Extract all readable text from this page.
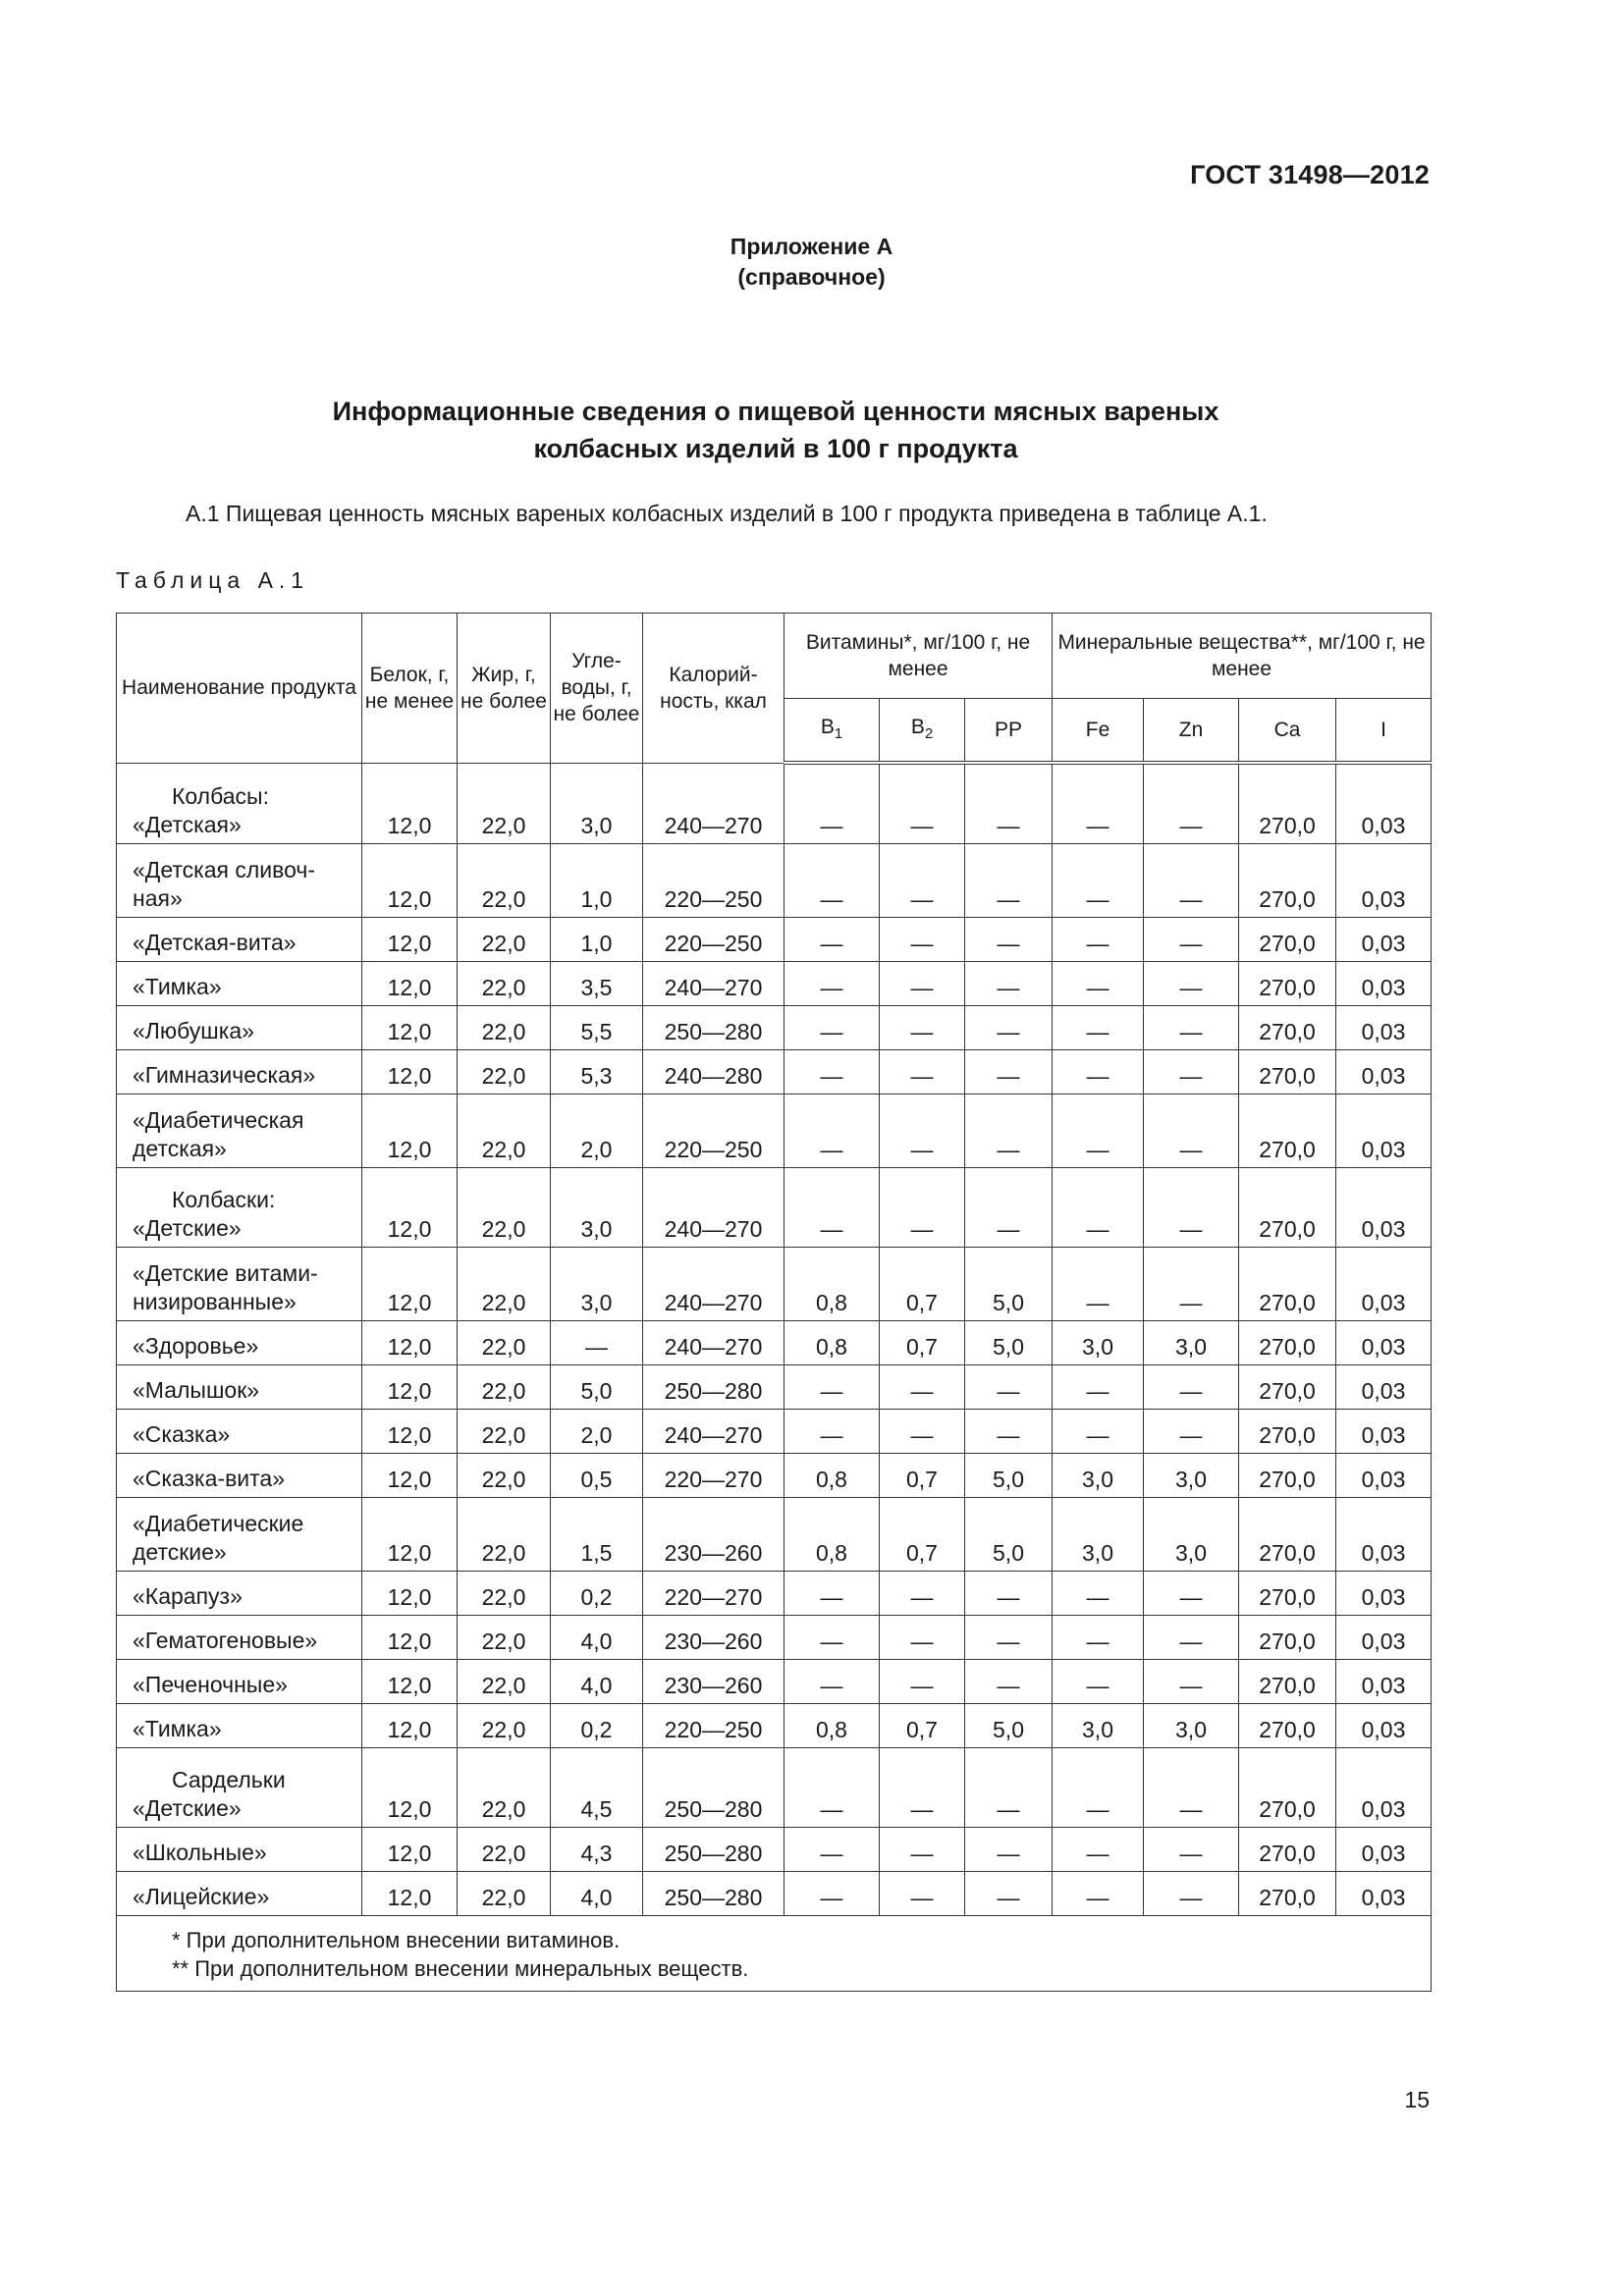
ГОСТ 31498—2012
Приложение А
(справочное)
Информационные сведения о пищевой ценности мясных вареных
колбасных изделий в 100 г продукта
А.1 Пищевая ценность мясных вареных колбасных изделий в 100 г продукта приведена в таблице А.1.
Таблица А.1
Наименование продукта	Белок, г, не менее	Жир, г, не более	Угле-воды, г, не более	Калорий-ность, ккал	Витамины*, мг/100 г, не менее			Минеральные вещества**, мг/100 г, не менее			
					$B_1$	$B_2$	PP	Fe	Zn	Ca	I

Колбасы:
«Детская»	12,0	22,0	3,0	240—270	—	—	—	—	—	270,0	0,03

«Детская сливоч-
ная»	12,0	22,0	1,0	220—250	—	—	—	—	—	270,0	0,03

«Детская-вита»	12,0	22,0	1,0	220—250	—	—	—	—	—	270,0	0,03

«Тимка»	12,0	22,0	3,5	240—270	—	—	—	—	—	270,0	0,03

«Любушка»	12,0	22,0	5,5	250—280	—	—	—	—	—	270,0	0,03

«Гимназическая»	12,0	22,0	5,3	240—280	—	—	—	—	—	270,0	0,03

«Диабетическая
детская»	12,0	22,0	2,0	220—250	—	—	—	—	—	270,0	0,03

Колбаски:
«Детские»	12,0	22,0	3,0	240—270	—	—	—	—	—	270,0	0,03

«Детские витами-
низированные»	12,0	22,0	3,0	240—270	0,8	0,7	5,0	—	—	270,0	0,03

«Здоровье»	12,0	22,0	—	240—270	0,8	0,7	5,0	3,0	3,0	270,0	0,03

«Малышок»	12,0	22,0	5,0	250—280	—	—	—	—	—	270,0	0,03

«Сказка»	12,0	22,0	2,0	240—270	—	—	—	—	—	270,0	0,03

«Сказка-вита»	12,0	22,0	0,5	220—270	0,8	0,7	5,0	3,0	3,0	270,0	0,03

«Диабетические
детские»	12,0	22,0	1,5	230—260	0,8	0,7	5,0	3,0	3,0	270,0	0,03

«Карапуз»	12,0	22,0	0,2	220—270	—	—	—	—	—	270,0	0,03

«Гематогеновые»	12,0	22,0	4,0	230—260	—	—	—	—	—	270,0	0,03

«Печеночные»	12,0	22,0	4,0	230—260	—	—	—	—	—	270,0	0,03

«Тимка»	12,0	22,0	0,2	220—250	0,8	0,7	5,0	3,0	3,0	270,0	0,03

Сардельки
«Детские»	12,0	22,0	4,5	250—280	—	—	—	—	—	270,0	0,03

«Школьные»	12,0	22,0	4,3	250—280	—	—	—	—	—	270,0	0,03

«Лицейские»	12,0	22,0	4,0	250—280	—	—	—	—	—	270,0	0,03

* При дополнительном внесении витаминов.
** При дополнительном внесении минеральных веществ.											
15
